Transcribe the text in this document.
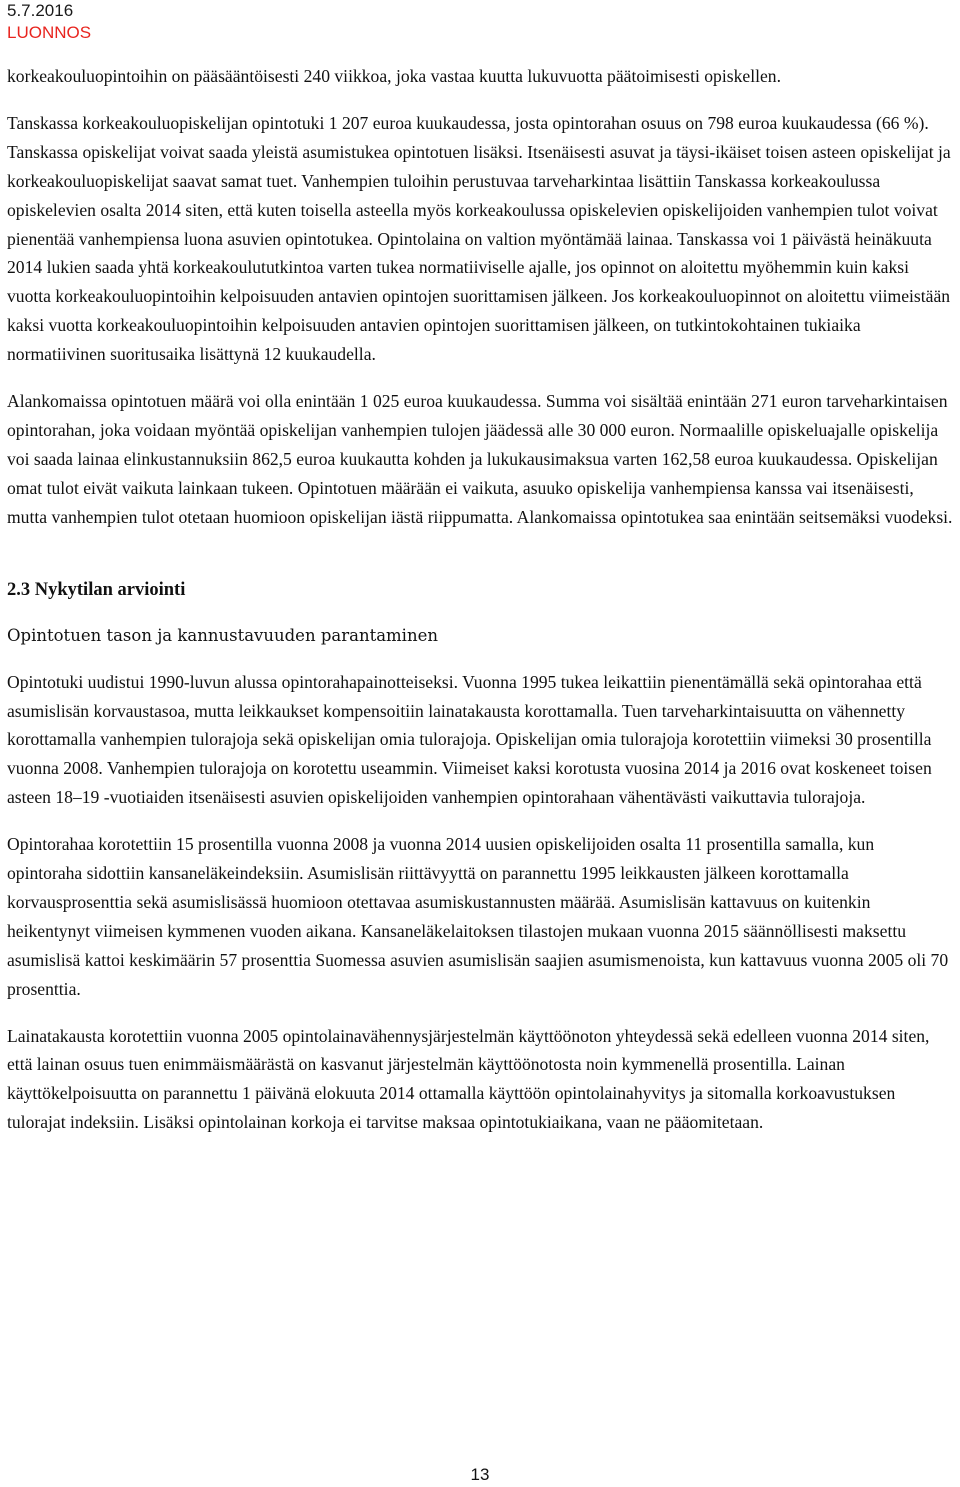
5.7.2016
LUONNOS

korkeakouluopintoihin on pääsääntöisesti 240 viikkoa, joka vastaa kuutta lukuvuotta päätoimisesti opiskellen.

Tanskassa korkeakouluopiskelijan opintotuki 1 207 euroa kuukaudessa, josta opintorahan osuus on 798 euroa kuukaudessa (66 %). Tanskassa opiskelijat voivat saada yleistä asumistukea opintotuen lisäksi. Itsenäisesti asuvat ja täysi-ikäiset toisen asteen opiskelijat ja korkeakouluopiskelijat saavat samat tuet. Vanhempien tuloihin perustuvaa tarveharkintaa lisättiin Tanskassa korkeakoulussa opiskelevien osalta 2014 siten, että kuten toisella asteella myös korkeakoulussa opiskelevien opiskelijoiden vanhempien tulot voivat pienentää vanhempiensa luona asuvien opintotukea. Opintolaina on valtion myöntämää lainaa. Tanskassa voi 1 päivästä heinäkuuta 2014 lukien saada yhtä korkeakoulututkintoa varten tukea normatiiviselle ajalle, jos opinnot on aloitettu myöhemmin kuin kaksi vuotta korkeakouluopintoihin kelpoisuuden antavien opintojen suorittamisen jälkeen. Jos korkeakouluopinnot on aloitettu viimeistään kaksi vuotta korkeakouluopintoihin kelpoisuuden antavien opintojen suorittamisen jälkeen, on tutkintokohtainen tukiaika normatiivinen suoritusaika lisättynä 12 kuukaudella.

Alankomaissa opintotuen määrä voi olla enintään 1 025 euroa kuukaudessa. Summa voi sisältää enintään 271 euron tarveharkintaisen opintorahan, joka voidaan myöntää opiskelijan vanhempien tulojen jäädessä alle 30 000 euron. Normaalille opiskeluajalle opiskelija voi saada lainaa elinkustannuksiin 862,5 euroa kuukautta kohden ja lukukausimaksua varten 162,58 euroa kuukaudessa. Opiskelijan omat tulot eivät vaikuta lainkaan tukeen. Opintotuen määrään ei vaikuta, asuuko opiskelija vanhempiensa kanssa vai itsenäisesti, mutta vanhempien tulot otetaan huomioon opiskelijan iästä riippumatta. Alankomaissa opintotukea saa enintään seitsemäksi vuodeksi.

2.3 Nykytilan arviointi
Opintotuen tason ja kannustavuuden parantaminen

Opintotuki uudistui 1990-luvun alussa opintorahapainotteiseksi. Vuonna 1995 tukea leikattiin pienentämällä sekä opintorahaa että asumislisän korvaustasoa, mutta leikkaukset kompensoitiin lainatakausta korottamalla. Tuen tarveharkintaisuutta on vähennetty korottamalla vanhempien tulorajoja sekä opiskelijan omia tulorajoja. Opiskelijan omia tulorajoja korotettiin viimeksi 30 prosentilla vuonna 2008. Vanhempien tulorajoja on korotettu useammin. Viimeiset kaksi korotusta vuosina 2014 ja 2016 ovat koskeneet toisen asteen 18–19 -vuotiaiden itsenäisesti asuvien opiskelijoiden vanhempien opintorahaan vähentävästi vaikuttavia tulorajoja.

Opintorahaa korotettiin 15 prosentilla vuonna 2008 ja vuonna 2014 uusien opiskelijoiden osalta 11 prosentilla samalla, kun opintoraha sidottiin kansaneläkeindeksiin. Asumislisän riittävyyttä on parannettu 1995 leikkausten jälkeen korottamalla korvausprosenttia sekä asumislisässä huomioon otettavaa asumiskustannusten määrää. Asumislisän kattavuus on kuitenkin heikentynyt viimeisen kymmenen vuoden aikana. Kansaneläkelaitoksen tilastojen mukaan vuonna 2015 säännöllisesti maksettu asumislisä kattoi keskimäärin 57 prosenttia Suomessa asuvien asumislisän saajien asumismenoista, kun kattavuus vuonna 2005 oli 70 prosenttia.

Lainatakausta korotettiin vuonna 2005 opintolainavähennysjärjestelmän käyttöönoton yhteydessä sekä edelleen vuonna 2014 siten, että lainan osuus tuen enimmäismäärästä on kasvanut järjestelmän käyttöönotosta noin kymmenellä prosentilla. Lainan käyttökelpoisuutta on parannettu 1 päivänä elokuuta 2014 ottamalla käyttöön opintolainahyvitys ja sitomalla korkoavustuksen tulorajat indeksiin. Lisäksi opintolainan korkoja ei tarvitse maksaa opintotukiaikana, vaan ne pääomitetaan.

13
